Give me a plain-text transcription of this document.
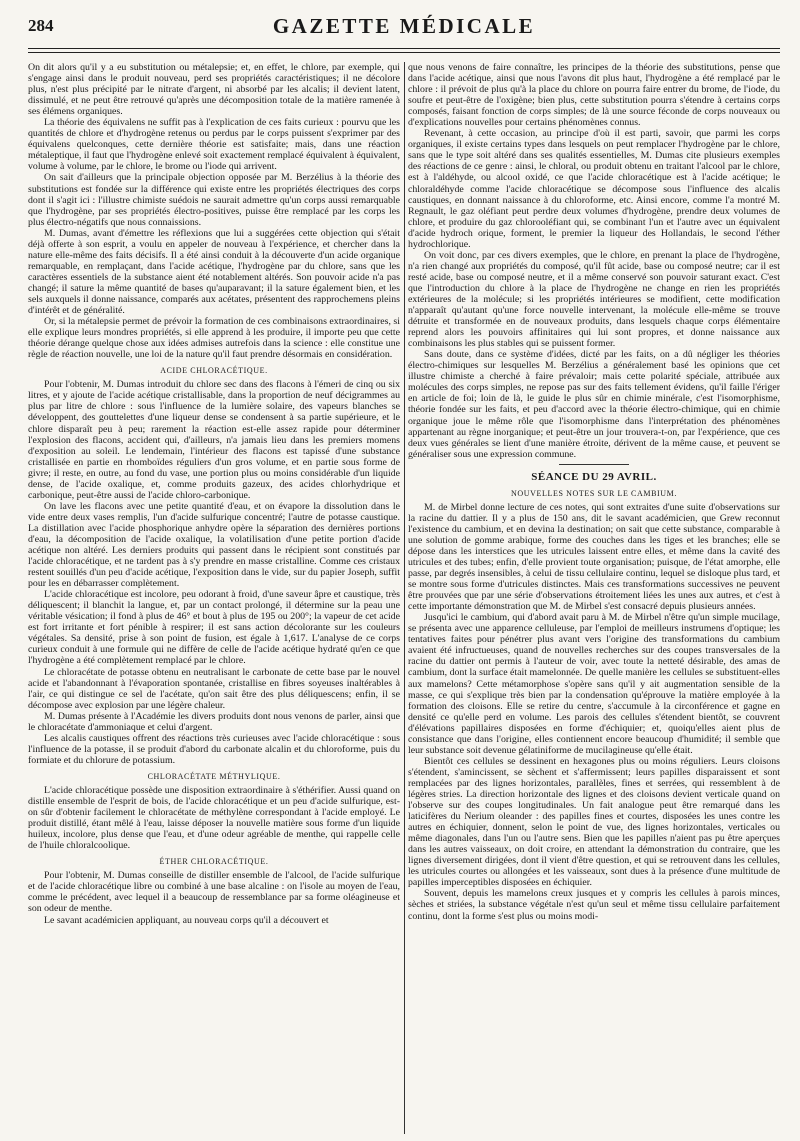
284	GAZETTE MÉDICALE

On dit alors qu'il y a eu substitution ou métalepsie; et, en effet, le chlore, par exemple, qui s'engage ainsi dans le produit nouveau, perd ses propriétés caractéristiques; il ne décolore plus, n'est plus précipité par le nitrate d'argent, ni absorbé par les alcalis; il devient latent, dissimulé, et ne peut être retrouvé qu'après une décomposition totale de la matière ramenée à ses élémens organiques.

La théorie des équivalens ne suffit pas à l'explication de ces faits curieux : pourvu que les quantités de chlore et d'hydrogène retenus ou perdus par le corps puissent s'exprimer par des équivalens quelconques, cette dernière théorie est satisfaite; mais, dans une réaction métaleptique, il faut que l'hydrogène enlevé soit exactement remplacé équivalent à équivalent, volume à volume, par le chlore, le brome ou l'iode qui arrivent.

On sait d'ailleurs que la principale objection opposée par M. Berzélius à la théorie des substitutions est fondée sur la différence qui existe entre les propriétés électriques des corps dont il s'agit ici : l'illustre chimiste suédois ne saurait admettre qu'un corps aussi remarquable que l'hydrogène, par ses propriétés électro-positives, puisse être remplacé par les corps les plus électro-négatifs que nous connaissions.

M. Dumas, avant d'émettre les réflexions que lui a suggérées cette objection qui s'était déjà offerte à son esprit, a voulu en appeler de nouveau à l'expérience, et chercher dans la nature elle-même des faits décisifs. Il a été ainsi conduit à la découverte d'un acide organique remarquable, en remplaçant, dans l'acide acétique, l'hydrogène par du chlore, sans que les caractères essentiels de la substance aient été notablement altérés. Son pouvoir acide n'a pas changé; il sature la même quantité de bases qu'auparavant; il la sature également bien, et les sels auxquels il donne naissance, comparés aux acétates, présentent des rapprochemens pleins d'intérêt et de généralité.

Or, si la métalepsie permet de prévoir la formation de ces combinaisons extraordinaires, si elle explique leurs mondres propriétés, si elle apprend à les produire, il importe peu que cette théorie dérange quelque chose aux idées admises autrefois dans la science : elle constitue une règle de réaction nouvelle, une loi de la nature qu'il faut prendre désormais en considération.

ACIDE CHLORACÉTIQUE.

Pour l'obtenir, M. Dumas introduit du chlore sec dans des flacons à l'émeri de cinq ou six litres, et y ajoute de l'acide acétique cristallisable, dans la proportion de neuf décigrammes au plus par litre de chlore : sous l'influence de la lumière solaire, des vapeurs blanches se développent, des gouttelettes d'une liqueur dense se condensent à sa partie supérieure, et le chlore disparaît peu à peu; rarement la réaction est-elle assez rapide pour déterminer l'explosion des flacons, accident qui, d'ailleurs, n'a jamais lieu dans les premiers momens d'exposition au soleil. Le lendemain, l'intérieur des flacons est tapissé d'une substance cristallisée en partie en rhomboïdes réguliers d'un gros volume, et en partie sous forme de givre; il reste, en outre, au fond du vase, une portion plus ou moins considérable d'un liquide dense, de l'acide oxalique, et, comme produits gazeux, des acides chlorhydrique et carbonique, peut-être aussi de l'acide chloro-carbonique.

On lave les flacons avec une petite quantité d'eau, et on évapore la dissolution dans le vide entre deux vases remplis, l'un d'acide sulfurique concentré; l'autre de potasse caustique. La distillation avec l'acide phosphorique anhydre opère la séparation des dernières portions d'eau, la décomposition de l'acide oxalique, la volatilisation d'une petite portion d'acide acétique non altéré. Les derniers produits qui passent dans le récipient sont constitués par l'acide chloracétique, et ne tardent pas à s'y prendre en masse cristalline. Comme ces cristaux restent souillés d'un peu d'acide acétique, l'exposition dans le vide, sur du papier Joseph, suffit pour les en débarrasser complètement.

L'acide chloracétique est incolore, peu odorant à froid, d'une saveur âpre et caustique, très déliquescent; il blanchit la langue, et, par un contact prolongé, il détermine sur la peau une véritable vésication; il fond à plus de 46° et bout à plus de 195 ou 200°; la vapeur de cet acide est fort irritante et fort pénible à respirer; il est sans action décolorante sur les couleurs végétales. Sa densité, prise à son point de fusion, est égale à 1,617. L'analyse de ce corps curieux conduit à une formule qui ne diffère de celle de l'acide acétique hydraté qu'en ce que l'hydrogène a été complètement remplacé par le chlore.

Le chloracétate de potasse obtenu en neutralisant le carbonate de cette base par le nouvel acide et l'abandonnant à l'évaporation spontanée, cristallise en fibres soyeuses inaltérables à l'air, ce qui distingue ce sel de l'acétate, qu'on sait être des plus déliquescens; enfin, il se décompose avec explosion par une légère chaleur.

M. Dumas présente à l'Académie les divers produits dont nous venons de parler, ainsi que le chloracétate d'ammoniaque et celui d'argent.

Les alcalis caustiques offrent des réactions très curieuses avec l'acide chloracétique : sous l'influence de la potasse, il se produit d'abord du carbonate alcalin et du chloroforme, puis du formiate et du chlorure de potassium.

CHLORACÉTATE MÉTHYLIQUE.

L'acide chloracétique possède une disposition extraordinaire à s'éthérifier. Aussi quand on distille ensemble de l'esprit de bois, de l'acide chloracétique et un peu d'acide sulfurique, est-on sûr d'obtenir facilement le chloracétate de méthylène correspondant à l'acide employé. Le produit distillé, étant mêlé à l'eau, laisse déposer la nouvelle matière sous forme d'un liquide huileux, incolore, plus dense que l'eau, et d'une odeur agréable de menthe, qui rappelle celle de l'huile chloralcoolique.

ÉTHER CHLORACÉTIQUE.

Pour l'obtenir, M. Dumas conseille de distiller ensemble de l'alcool, de l'acide sulfurique et de l'acide chloracétique libre ou combiné à une base alcaline : on l'isole au moyen de l'eau, comme le précédent, avec lequel il a beaucoup de ressemblance par sa forme oléagineuse et son odeur de menthe.

Le savant académicien appliquant, au nouveau corps qu'il a découvert et

que nous venons de faire connaître, les principes de la théorie des substitutions, pense que dans l'acide acétique, ainsi que nous l'avons dit plus haut, l'hydrogène a été remplacé par le chlore : il prévoit de plus qu'à la place du chlore on pourra faire entrer du brome, de l'iode, du soufre et peut-être de l'oxigène; bien plus, cette substitution pourra s'étendre à certains corps composés, faisant fonction de corps simples; de là une source féconde de corps nouveaux ou d'explications nouvelles pour certains phénomènes connus.

Revenant, à cette occasion, au principe d'où il est parti, savoir, que parmi les corps organiques, il existe certains types dans lesquels on peut remplacer l'hydrogène par le chlore, sans que le type soit altéré dans ses qualités essentielles, M. Dumas cite plusieurs exemples des réactions de ce genre : ainsi, le chloral, ou produit obtenu en traitant l'alcool par le chlore, est à l'aldéhyde, ou alcool oxidé, ce que l'acide chloracétique est à l'acide acétique; le chloraldéhyde comme l'acide chloracétique se décompose sous l'influence des alcalis caustiques, en donnant naissance à du chloroforme, etc. Ainsi encore, comme l'a montré M. Regnault, le gaz oléfiant peut perdre deux volumes d'hydrogène, prendre deux volumes de chlore, et produire du gaz chlorooléfiant qui, se combinant l'un et l'autre avec un équivalent d'acide hydroch orique, forment, le premier la liqueur des Hollandais, le second l'éther hydrochlorique.

On voit donc, par ces divers exemples, que le chlore, en prenant la place de l'hydrogène, n'a rien changé aux propriétés du composé, qu'il fût acide, base ou composé neutre; car il est resté acide, base ou composé neutre, et il a même conservé son pouvoir saturant exact. C'est que l'introduction du chlore à la place de l'hydrogène ne change en rien les propriétés extérieures de la molécule; si les propriétés intérieures se modifient, cette modification n'apparaît qu'autant qu'une force nouvelle intervenant, la molécule elle-même se trouve détruite et transformée en de nouveaux produits, dans lesquels chaque corps élémentaire reprend alors les pouvoirs affinitaires qui lui sont propres, et donne naissance aux combinaisons les plus stables qui se puissent former.

Sans doute, dans ce système d'idées, dicté par les faits, on a dû négliger les théories électro-chimiques sur lesquelles M. Berzélius a généralement basé les opinions que cet illustre chimiste a cherché à faire prévaloir; mais cette polarité spéciale, attribuée aux molécules des corps simples, ne repose pas sur des faits tellement évidens, qu'il faille l'ériger en article de foi; loin de là, le guide le plus sûr en chimie minérale, c'est l'isomorphisme, théorie fondée sur les faits, et peu d'accord avec la théorie électro-chimique, qui en chimie organique joue le même rôle que l'isomorphisme dans l'interprétation des phénomènes appartenant au règne inorganique; et peut-être un jour trouvera-t-on, par l'expérience, que ces deux vues générales se lient d'une manière étroite, dérivent de la même cause, et peuvent se généraliser sous une expression commune.

SÉANCE DU 29 AVRIL.
NOUVELLES NOTES SUR LE CAMBIUM.

M. de Mirbel donne lecture de ces notes, qui sont extraites d'une suite d'observations sur la racine du dattier. Il y a plus de 150 ans, dit le savant académicien, que Grew reconnut l'existence du cambium, et en devina la destination; on sait que cette substance, comparable à une solution de gomme arabique, forme des couches dans les tiges et les branches; elle se dépose dans les interstices que les utricules laissent entre elles, et même dans la cavité des utricules et des tubes; enfin, d'elle provient toute organisation; puisque, de l'état amorphe, elle passe, par degrés insensibles, à celui de tissu cellulaire continu, lequel se disloque plus tard, et se montre sous forme d'utricules distinctes. Mais ces transformations successives ne peuvent être prouvées que par une série d'observations étroitement liées les unes aux autres, et c'est à cette importante démonstration que M. de Mirbel s'est consacré depuis plusieurs années.

Jusqu'ici le cambium, qui d'abord avait paru à M. de Mirbel n'être qu'un simple mucilage, se présenta avec une apparence celluleuse, par l'emploi de meilleurs instrumens d'optique; les tentatives faites pour pénétrer plus avant vers l'origine des transformations du cambium avaient été infructueuses, quand de nouvelles recherches sur des coupes transversales de la racine du dattier ont permis à l'auteur de voir, avec toute la netteté désirable, des amas de cambium, dont la surface était mamelonnée. De quelle manière les cellules se substituent-elles aux mamelons? Cette métamorphose s'opère sans qu'il y ait augmentation sensible de la masse, ce qui s'explique très bien par la condensation qu'éprouve la matière employée à la formation des cloisons. Elle se retire du centre, s'accumule à la circonférence et gagne en densité ce qu'elle perd en volume. Les parois des cellules s'étendent bientôt, se couvrent d'élévations papillaires disposées en forme d'échiquier; et, quoiqu'elles aient plus de consistance que dans l'origine, elles contiennent encore beaucoup d'humidité; il semble que leur substance soit devenue gélatiniforme de mucilagineuse qu'elle était.

Bientôt ces cellules se dessinent en hexagones plus ou moins réguliers. Leurs cloisons s'étendent, s'amincissent, se sèchent et s'affermissent; leurs papilles disparaissent et sont remplacées par des lignes horizontales, parallèles, fines et serrées, qui ressemblent à de légères stries. La direction horizontale des lignes et des cloisons devient verticale quand on l'observe sur des coupes longitudinales. Un fait analogue peut être remarqué dans les laticifères du Nerium oleander : des papilles fines et courtes, disposées les unes contre les autres en échiquier, donnent, selon le point de vue, des lignes horizontales, verticales ou même diagonales, dans l'un ou l'autre sens. Bien que les papilles n'aient pas pu être aperçues dans les autres vaisseaux, on doit croire, en attendant la démonstration du contraire, que les lignes diversement dirigées, dont il vient d'être question, et qui se retrouvent dans les cellules, les utricules courtes ou allongées et les vaisseaux, sont dues à la présence d'une multitude de papilles imperceptibles disposées en échiquier.

Souvent, depuis les mamelons creux jusques et y compris les cellules à parois minces, sèches et striées, la substance végétale n'est qu'un seul et même tissu cellulaire parfaitement continu, dont la forme s'est plus ou moins modi-
